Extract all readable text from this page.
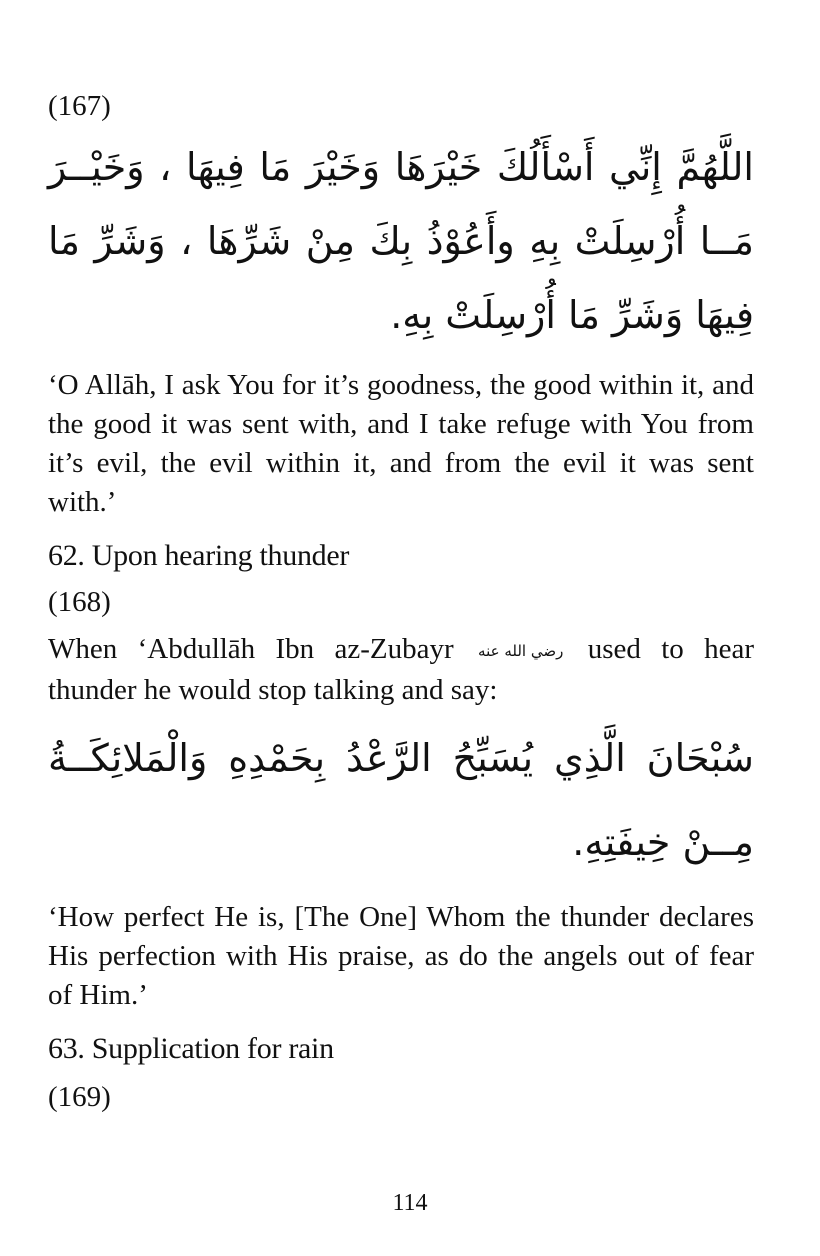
(167)

اللَّهُمَّ إِنِّي أَسْأَلُكَ خَيْرَهَا وَخَيْرَ مَا فِيهَا ، وَخَيْــرَ مَــا أُرْسِلَتْ بِهِ وأَعُوْذُ بِكَ مِنْ شَرِّهَا ، وَشَرِّ مَا فِيهَا وَشَرِّ مَا أُرْسِلَتْ بِهِ.

‘O Allāh, I ask You for it’s goodness, the good within it, and the good it was sent with, and I take refuge with You from it’s evil, the evil within it, and from the evil it was sent with.’

62. Upon hearing thunder

(168)

When ‘Abdullāh Ibn az-Zubayr رضي الله عنه used to hear thunder he would stop talking and say:

سُبْحَانَ الَّذِي يُسَبِّحُ الرَّعْدُ بِحَمْدِهِ وَالْمَلائِكَــةُ مِــنْ خِيفَتِهِ.

‘How perfect He is, [The One] Whom the thunder declares His perfection with His praise, as do the angels out of fear of Him.’

63. Supplication for rain

(169)

114
